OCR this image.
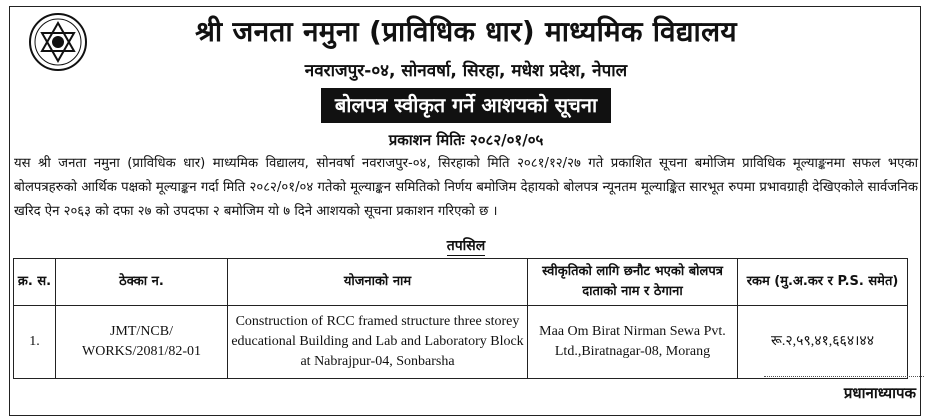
श्री जनता नमुना (प्राविधिक धार) माध्यमिक विद्यालय
नवराजपुर-०४, सोनवर्षा, सिरहा, मधेश प्रदेश, नेपाल
बोलपत्र स्वीकृत गर्ने आशयको सूचना
प्रकाशन मितिः २०८२/०१/०५
यस श्री जनता नमुना (प्राविधिक धार) माध्यमिक विद्यालय, सोनवर्षा नवराजपुर-०४, सिरहाको मिति २०८१/१२/२७ गते प्रकाशित सूचना बमोजिम प्राविधिक मूल्याङ्कनमा सफल भएका बोलपत्रहरुको आर्थिक पक्षको मूल्याङ्कन गर्दा मिति २०८२/०१/०४ गतेको मूल्याङ्कन समितिको निर्णय बमोजिम देहायको बोलपत्र न्यूनतम मूल्याङ्कित सारभूत रुपमा प्रभावग्राही देखिएकोले सार्वजनिक खरिद ऐन २०६३ को दफा २७ को उपदफा २ बमोजिम यो ७ दिने आशयको सूचना प्रकाशन गरिएको छ ।
तपसिल
क्र. स.	ठेक्का न.	योजनाको नाम	स्वीकृतिको लागि छनौट भएको बोलपत्र दाताको नाम र ठेगाना	रकम (मु.अ.कर र P.S. समेत)
1.	JMT/NCB/ WORKS/2081/82-01	Construction of RCC framed structure three storey educational Building and Lab and Laboratory Block at Nabrajpur-04, Sonbarsha	Maa Om Birat Nirman Sewa Pvt. Ltd.,Biratnagar-08, Morang	रू.२,५९,४१,६६४।४४
प्रधानाध्यापक
